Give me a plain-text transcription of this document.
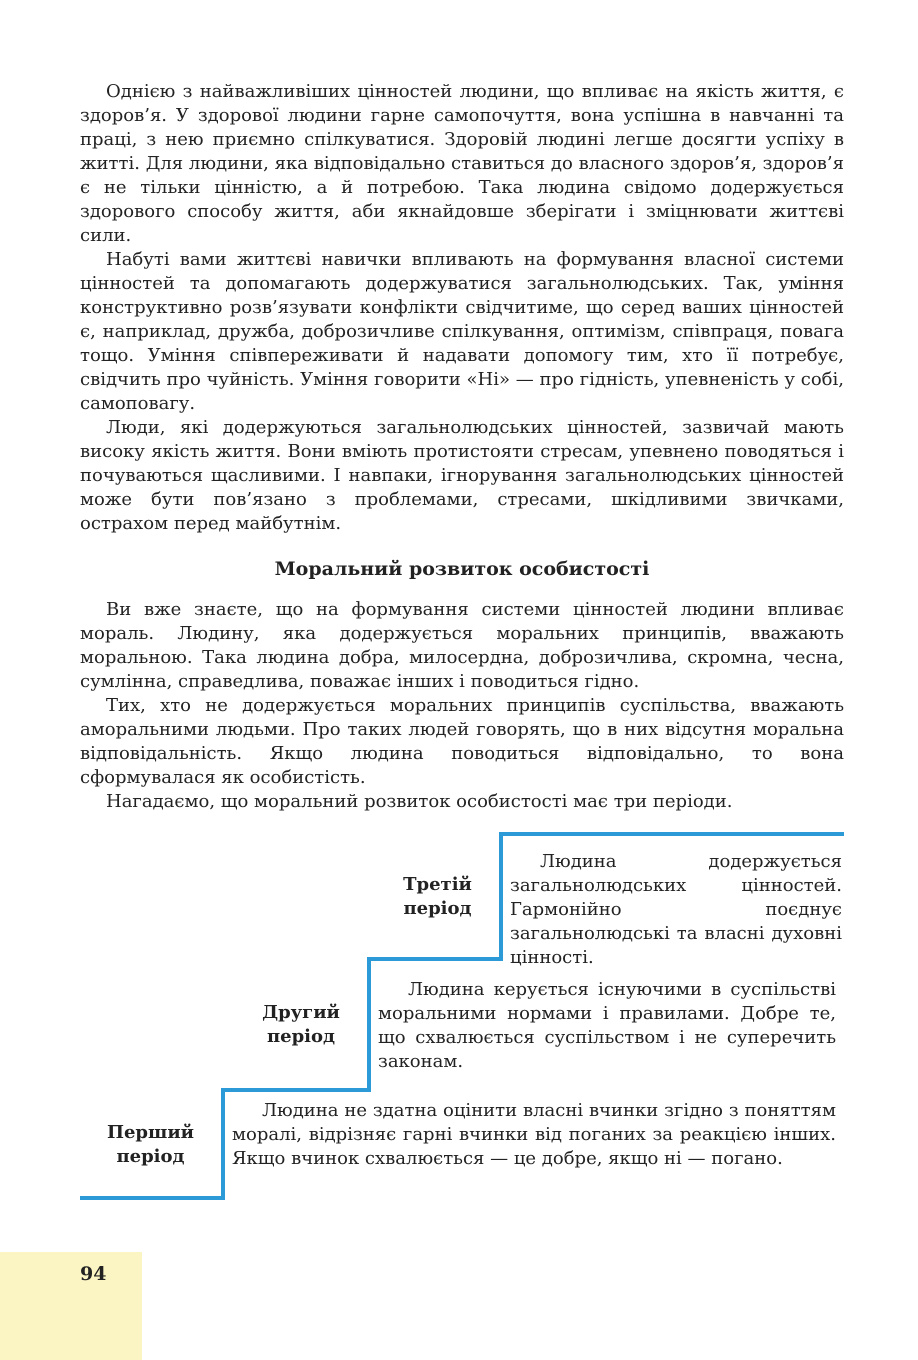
Однією з найважливіших цінностей людини, що впливає на якість життя, є здоров’я. У здорової людини гарне самопочуття, вона успішна в навчанні та праці, з нею приємно спілкуватися. Здоровій людині легше досягти успіху в житті. Для людини, яка відповідально ставиться до власного здоров’я, здоров’я є не тільки цінністю, а й потребою. Така людина свідомо додержується здорового способу життя, аби якнайдовше зберігати і зміцнювати життєві сили.

Набуті вами життєві навички впливають на формування власної системи цінностей та допомагають додержуватися загальнолюдських. Так, уміння конструктивно розв’язувати конфлікти свідчитиме, що серед ваших цінностей є, наприклад, дружба, доброзичливе спілкування, оптимізм, співпраця, повага тощо. Уміння співпереживати й надавати допомогу тим, хто її потребує, свідчить про чуйність. Уміння говорити «Ні» — про гідність, упевненість у собі, самоповагу.

Люди, які додержуються загальнолюдських цінностей, зазвичай мають високу якість життя. Вони вміють протистояти стресам, упевнено поводяться і почуваються щасливими. І навпаки, ігнорування загальнолюдських цінностей може бути пов’язано з проблемами, стресами, шкідливими звичками, острахом перед майбутнім.

Моральний розвиток особистості

Ви вже знаєте, що на формування системи цінностей людини впливає мораль. Людину, яка додержується моральних принципів, вважають моральною. Така людина добра, милосердна, доброзичлива, скромна, чесна, сумлінна, справедлива, поважає інших і поводиться гідно.

Тих, хто не додержується моральних принципів суспільства, вважають аморальними людьми. Про таких людей говорять, що в них відсутня моральна відповідальність. Якщо людина поводиться відповідально, то вона сформувалася як особистість.

Нагадаємо, що моральний розвиток особистості має три періоди.

Третій період
Людина додержується загальнолюдських цінностей. Гармонійно поєднує загальнолюдські та власні духовні цінності.
Другий період
Людина керується існуючими в суспільстві моральними нормами і правилами. Добре те, що схвалюється суспільством і не суперечить законам.
Перший період
Людина не здатна оцінити власні вчинки згідно з поняттям моралі, відрізняє гарні вчинки від поганих за реакцією інших. Якщо вчинок схвалюється — це добре, якщо ні — погано.
94
